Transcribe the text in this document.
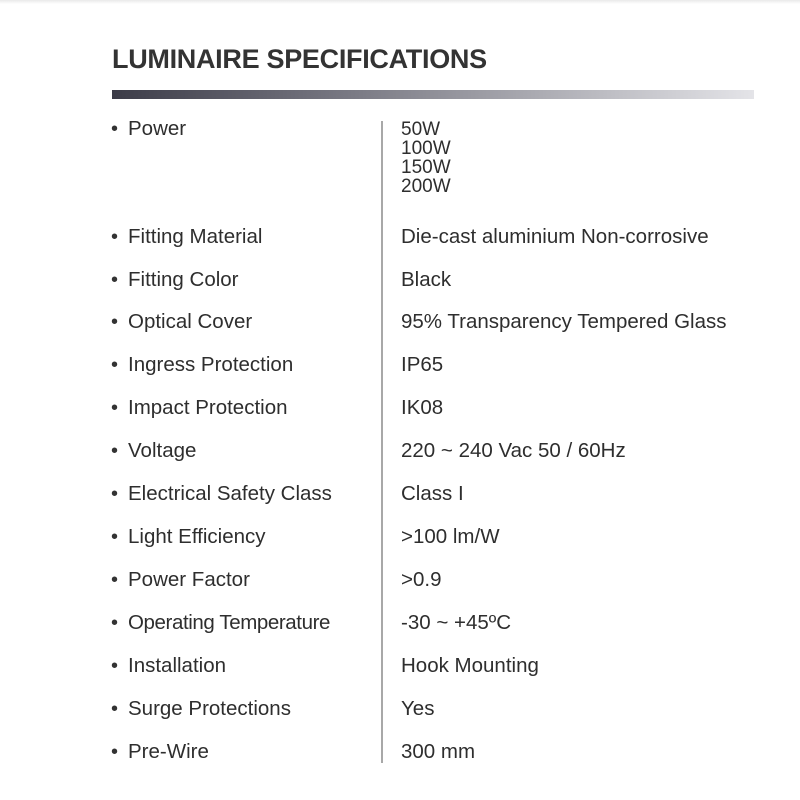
LUMINAIRE SPECIFICATIONS
• Power	50W
100W
150W
200W
• Fitting Material	Die-cast aluminium Non-corrosive
• Fitting Color	Black
• Optical Cover	95% Transparency Tempered Glass
• Ingress Protection	IP65
• Impact Protection	IK08
• Voltage	220 ~ 240 Vac 50 / 60Hz
• Electrical Safety Class	Class I
• Light Efficiency	>100 lm/W
• Power Factor	>0.9
• Operating Temperature	-30 ~ +45ºC
• Installation	Hook Mounting
• Surge Protections	Yes
• Pre-Wire	300 mm
